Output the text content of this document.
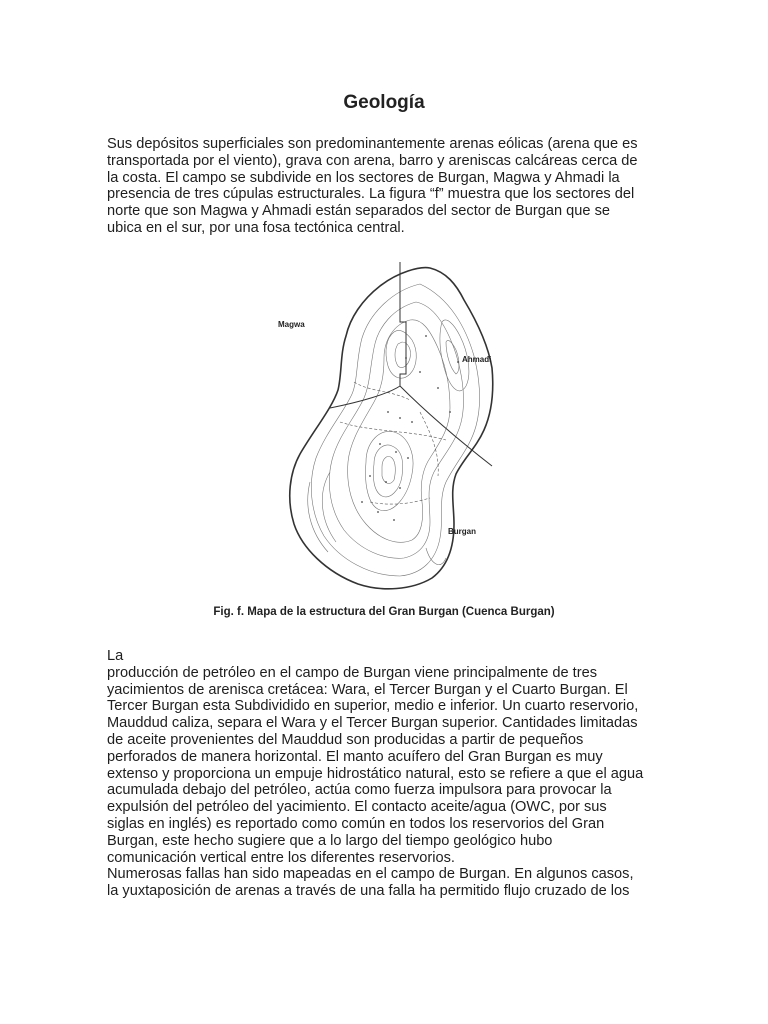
Geología
Sus depósitos superficiales son predominantemente arenas eólicas (arena que es
transportada por el viento), grava con arena, barro y areniscas calcáreas cerca de
la costa. El campo se subdivide en los sectores de Burgan, Magwa y Ahmadi la
presencia de tres cúpulas estructurales. La figura “f” muestra que los sectores del
norte que son Magwa y Ahmadi están separados del sector de Burgan que se
ubica en el sur, por una fosa tectónica central.
Magwa
Ahmadi
Burgan
Fig. f. Mapa de la estructura del Gran Burgan (Cuenca Burgan)
La
producción de petróleo en el campo de Burgan viene principalmente de tres
yacimientos de arenisca cretácea: Wara, el Tercer Burgan y el Cuarto Burgan. El
Tercer Burgan esta Subdividido en superior, medio e inferior. Un cuarto reservorio,
Mauddud caliza, separa el Wara y el Tercer Burgan superior. Cantidades limitadas
de aceite provenientes del Mauddud son producidas a partir de pequeños
perforados de manera horizontal. El manto acuífero del Gran Burgan es muy
extenso y proporciona un empuje hidrostático natural, esto se refiere a que el agua
acumulada debajo del petróleo, actúa como fuerza impulsora para provocar la
expulsión del petróleo del yacimiento. El contacto aceite/agua (OWC, por sus
siglas en inglés) es reportado como común en todos los reservorios del Gran
Burgan, este hecho sugiere que a lo largo del tiempo geológico hubo
comunicación vertical entre los diferentes reservorios.
Numerosas fallas han sido mapeadas en el campo de Burgan. En algunos casos,
la yuxtaposición de arenas a través de una falla ha permitido flujo cruzado de los
